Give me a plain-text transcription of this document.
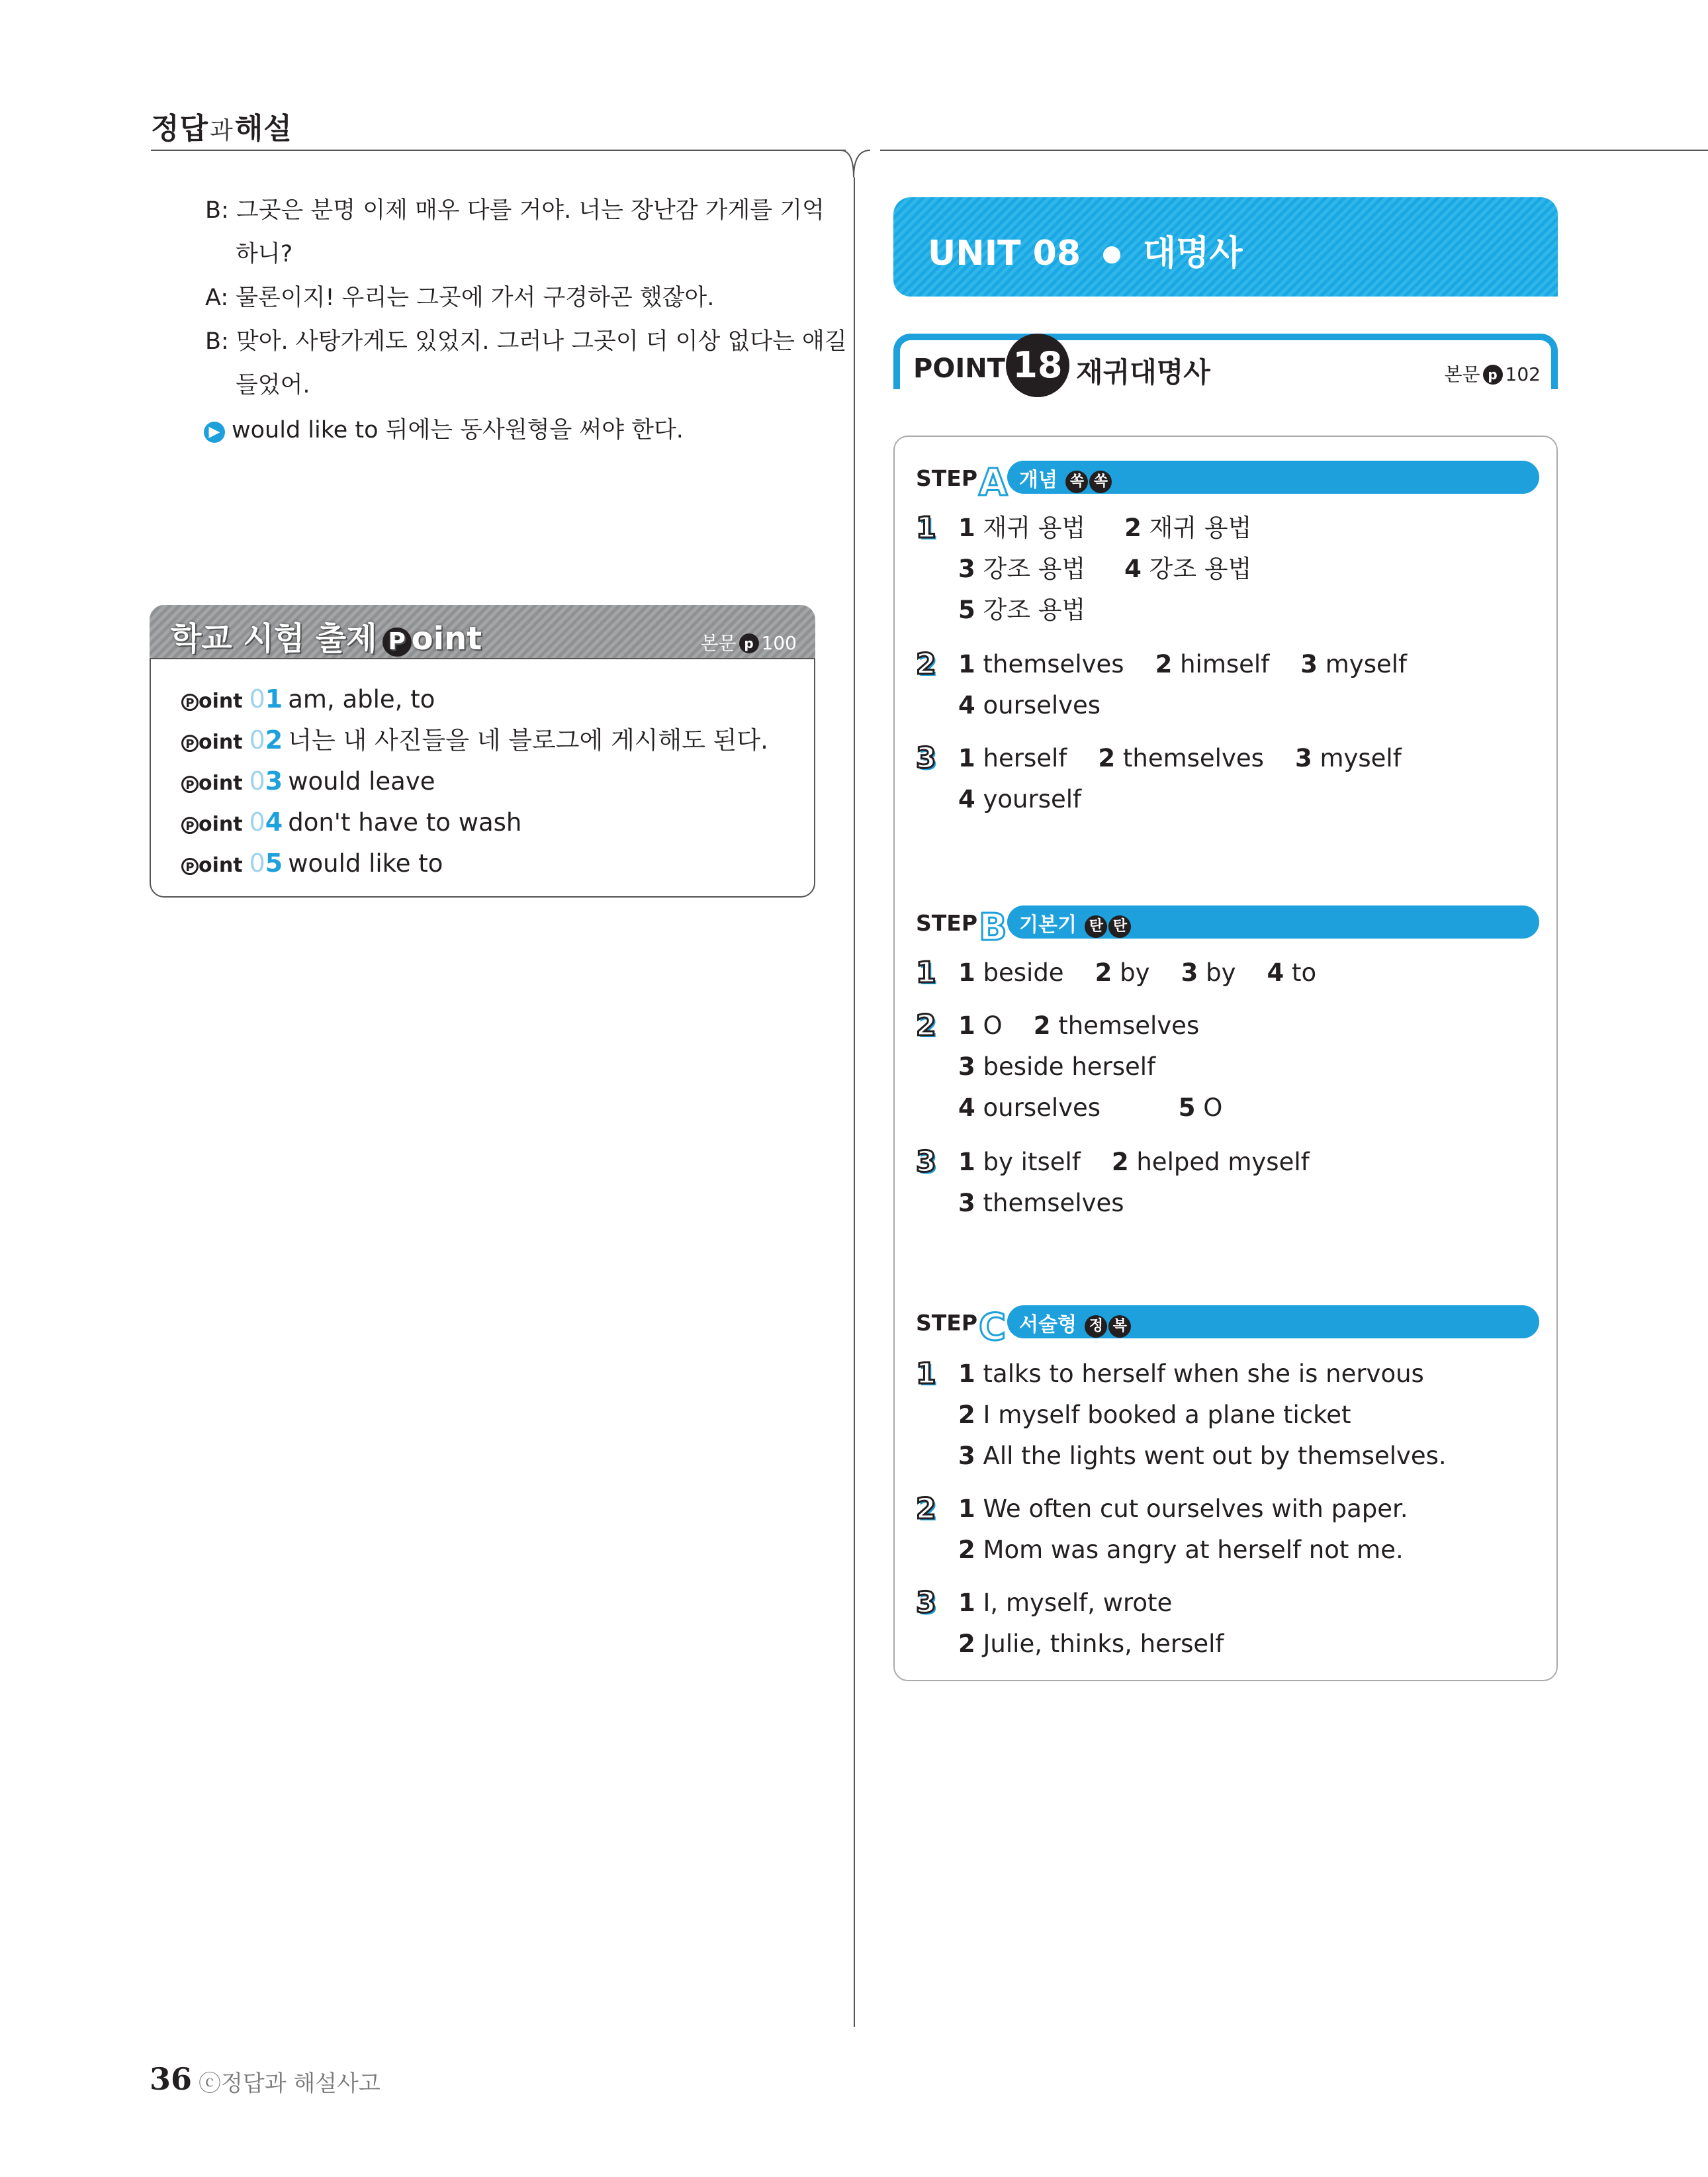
정답과해설
B: 그곳은 분명 이제 매우 다를 거야. 너는 장난감 가게를 기억
하니?
A: 물론이지! 우리는 그곳에 가서 구경하곤 했잖아.
B: 맞아. 사탕가게도 있었지. 그러나 그곳이 더 이상 없다는 얘길
들었어.
▶ would like to 뒤에는 동사원형을 써야 한다.
학교 시험 출제 P oint	본문 p 100
P oint 01 am, able, to
P oint 02 너는 내 사진들을 네 블로그에 게시해도 된다.
P oint 03 would leave
P oint 04 don't have to wash
P oint 05 would like to
UNIT 08 ● 대명사
POINT 18 재귀대명사	본문 p 102
STEPA 개념 쏙 쏙
1 1 재귀 용법 2 재귀 용법
3 강조 용법 4 강조 용법
5 강조 용법
2 1 themselves 2 himself 3 myself
4 ourselves
3 1 herself 2 themselves 3 myself
4 yourself
STEPB 기본기 탄 탄
1 1 beside 2 by 3 by 4 to
2 1 O 2 themselves
3 beside herself
4 ourselves	5 O
3 1 by itself 2 helped myself
3 themselves
STEPC 서술형 정 복
1 1 talks to herself when she is nervous
2 I myself booked a plane ticket
3 All the lights went out by themselves.
2 1 We often cut ourselves with paper.
2 Mom was angry at herself not me.
3 1 I, myself, wrote
2 Julie, thinks, herself
36 ⓒ정답과 해설사고
